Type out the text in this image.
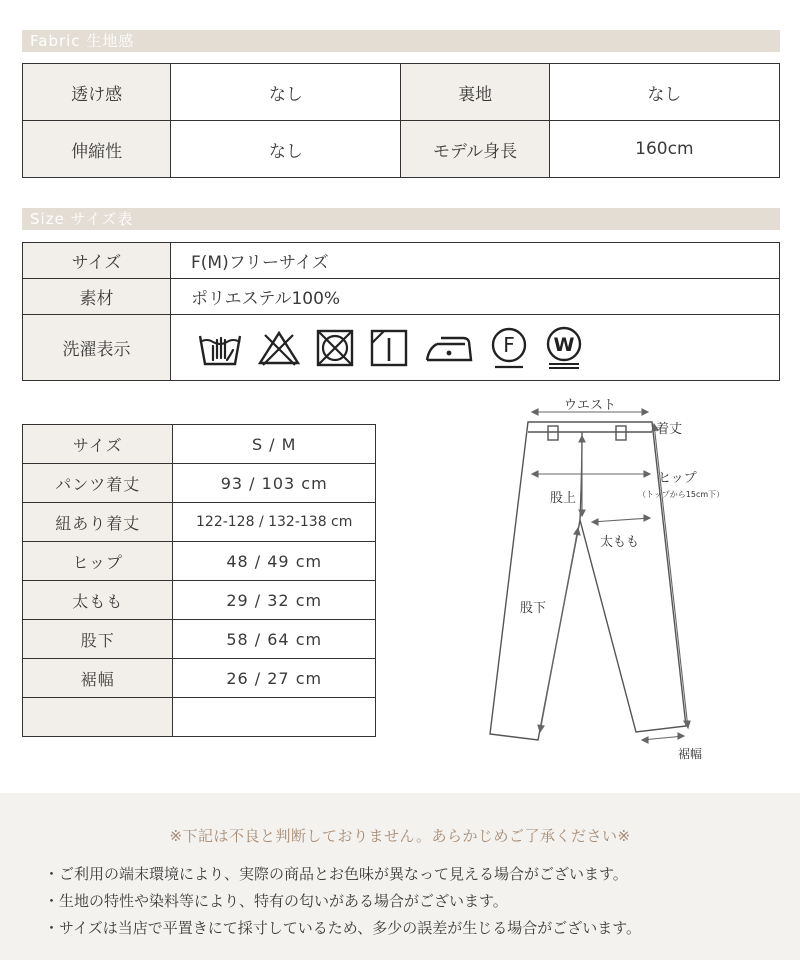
Fabric 生地感
透け感	なし	裏地	なし
伸縮性	なし	モデル身長	160cm
Size サイズ表
サイズ	F(M)フリーサイズ
素材	ポリエステル100%
洗濯表示	F W
サイズ	S / M
パンツ着丈	93 / 103 cm
紐あり着丈	122-128 / 132-138 cm
ヒップ	48 / 49 cm
太もも	29 / 32 cm
股下	58 / 64 cm
裾幅	26 / 27 cm

ウエスト
着丈
ヒップ
（トップから15cm下）
股上
太もも
股下
裾幅
※下記は不良と判断しておりません。あらかじめご了承ください※
・ご利用の端末環境により、実際の商品とお色味が異なって見える場合がございます。
・生地の特性や染料等により、特有の匂いがある場合がございます。
・サイズは当店で平置きにて採寸しているため、多少の誤差が生じる場合がございます。
